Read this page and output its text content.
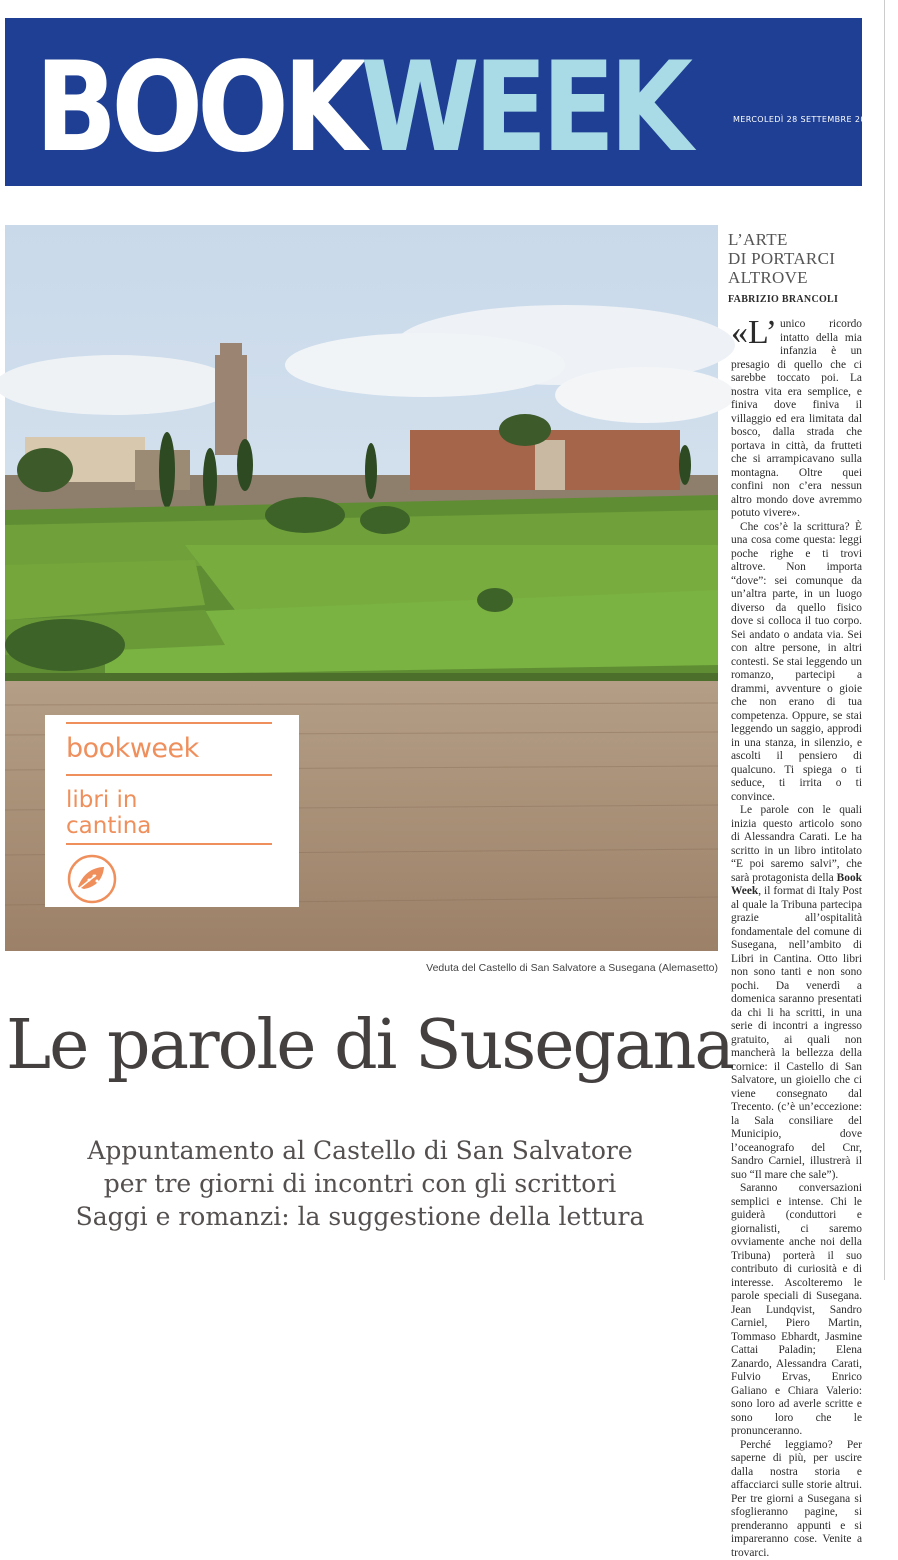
BOOKWEEK	MERCOLEDÌ 28 SETTEMBRE 2022
Veduta del Castello di San Salvatore a Susegana (Alemasetto)
bookweek
libri in
cantina
Le parole di Susegana
Appuntamento al Castello di San Salvatore
per tre giorni di incontri con gli scrittori
Saggi e romanzi: la suggestione della lettura
L’ARTE
DI PORTARCI
ALTROVE
FABRIZIO BRANCOLI

«L’ unico ricordo intatto della mia infanzia è un presagio di quello che ci sarebbe toccato poi. La nostra vita era semplice, e finiva dove finiva il villaggio ed era limitata dal bosco, dalla strada che portava in città, da frutteti che si arrampicavano sulla montagna. Oltre quei confini non c’era nessun altro mondo dove avremmo potuto vivere».

Che cos’è la scrittura? È una cosa come questa: leggi poche righe e ti trovi altrove. Non importa “dove”: sei comunque da un’altra parte, in un luogo diverso da quello fisico dove si colloca il tuo corpo. Sei andato o andata via. Sei con altre persone, in altri contesti. Se stai leggendo un romanzo, partecipi a drammi, avventure o gioie che non erano di tua competenza. Oppure, se stai leggendo un saggio, approdi in una stanza, in silenzio, e ascolti il pensiero di qualcuno. Ti spiega o ti seduce, ti irrita o ti convince.

Le parole con le quali inizia questo articolo sono di Alessandra Carati. Le ha scritto in un libro intitolato “E poi saremo salvi”, che sarà protagonista della Book Week, il format di Italy Post al quale la Tribuna partecipa grazie all’ospitalità fondamentale del comune di Susegana, nell’ambito di Libri in Cantina. Otto libri non sono tanti e non sono pochi. Da venerdì a domenica saranno presentati da chi li ha scritti, in una serie di incontri a ingresso gratuito, ai quali non mancherà la bellezza della cornice: il Castello di San Salvatore, un gioiello che ci viene consegnato dal Trecento. (c’è un’eccezione: la Sala consiliare del Municipio, dove l’oceanografo del Cnr, Sandro Carniel, illustrerà il suo “Il mare che sale”).

Saranno conversazioni semplici e intense. Chi le guiderà (conduttori e giornalisti, ci saremo ovviamente anche noi della Tribuna) porterà il suo contributo di curiosità e di interesse. Ascolteremo le parole speciali di Susegana. Jean Lundqvist, Sandro Carniel, Piero Martin, Tommaso Ebhardt, Jasmine Cattai Paladin; Elena Zanardo, Alessandra Carati, Fulvio Ervas, Enrico Galiano e Chiara Valerio: sono loro ad averle scritte e sono loro che le pronunceranno.

Perché leggiamo? Per saperne di più, per uscire dalla nostra storia e affacciarci sulle storie altrui. Per tre giorni a Susegana si sfoglieranno pagine, si prenderanno appunti e si impareranno cose. Venite a trovarci.
